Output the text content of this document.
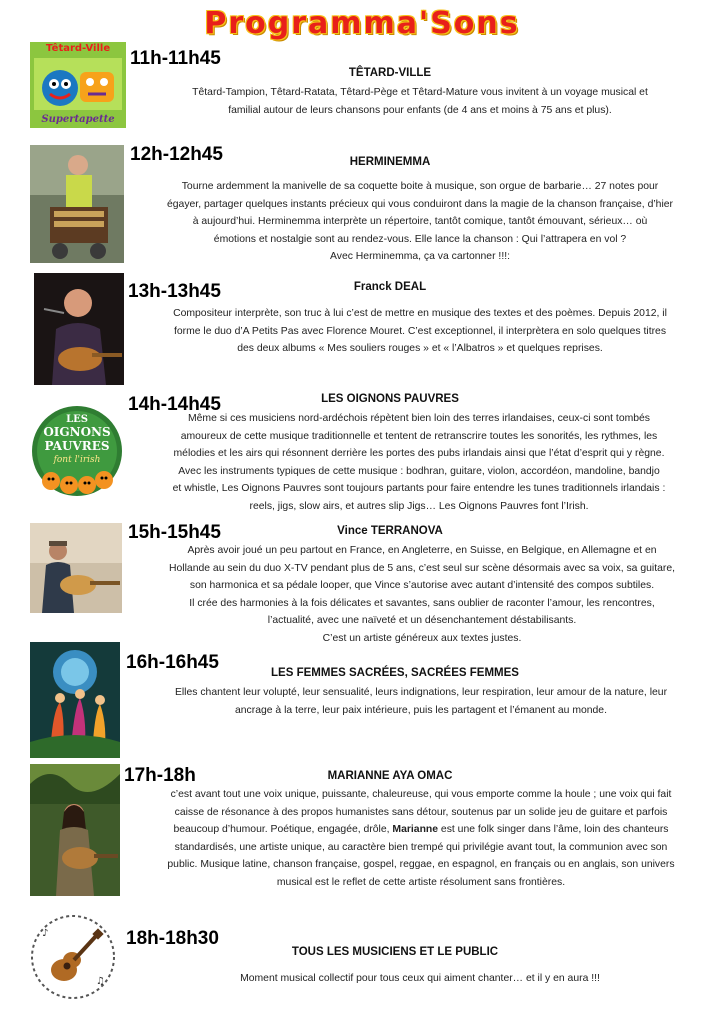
Programma'Sons
Têtard-Ville
Supertapette
11h-11h45
TÊTARD-VILLE
Têtard-Tampion, Têtard-Ratata, Têtard-Pège et Têtard-Mature vous invitent à un voyage musical et
familial autour de leurs chansons pour enfants (de 4 ans et moins à 75 ans et plus).
12h-12h45	HERMINEMMA
Tourne ardemment la manivelle de sa coquette boite à musique, son orgue de barbarie… 27 notes pour
égayer, partager quelques instants précieux qui vous conduiront dans la magie de la chanson française, d’hier
à aujourd’hui. Herminemma interprète un répertoire, tantôt comique, tantôt émouvant, sérieux… où
émotions et nostalgie sont au rendez-vous. Elle lance la chanson : Qui l’attrapera en vol ?
Avec Herminemma, ça va cartonner !!!:
13h-13h45	Franck DEAL
Compositeur interprète, son truc à lui c’est de mettre en musique des textes et des poèmes. Depuis 2012, il
forme le duo d’A Petits Pas avec Florence Mouret. C’est exceptionnel, il interprètera en solo quelques titres
des deux albums « Mes souliers rouges » et « l’Albatros » et quelques reprises.
LES
OIGNONS
PAUVRES
font l'irish
LES OIGNONS PAUVRES
14h-14h45
Même si ces musiciens nord-ardéchois répètent bien loin des terres irlandaises, ceux-ci sont tombés
amoureux de cette musique traditionnelle et tentent de retranscrire toutes les sonorités, les rythmes, les
mélodies et les airs qui résonnent derrière les portes des pubs irlandais ainsi que l’état d’esprit qui y règne.
Avec les instruments typiques de cette musique : bodhran, guitare, violon, accordéon, mandoline, bandjo
et whistle, Les Oignons Pauvres sont toujours partants pour faire entendre les tunes traditionnels irlandais :
reels, jigs, slow airs, et autres slip Jigs… Les Oignons Pauvres font l’Irish.
15h-15h45	Vince TERRANOVA
Après avoir joué un peu partout en France, en Angleterre, en Suisse, en Belgique, en Allemagne et en
Hollande au sein du duo X-TV pendant plus de 5 ans, c’est seul sur scène désormais avec sa voix, sa guitare,
son harmonica et sa pédale looper, que Vince s’autorise avec autant d’intensité des compos subtiles.
Il crée des harmonies à la fois délicates et savantes, sans oublier de raconter l’amour, les rencontres,
l’actualité, avec une naïveté et un désenchantement déstabilisants.
C’est un artiste généreux aux textes justes.
16h-16h45	LES FEMMES SACRÉES, SACRÉES FEMMES
Elles chantent leur volupté, leur sensualité, leurs indignations, leur respiration, leur amour de la nature, leur
ancrage à la terre, leur paix intérieure, puis les partagent et l’émanent au monde.
17h-18h	MARIANNE AYA OMAC
c’est avant tout une voix unique, puissante, chaleureuse, qui vous emporte comme la houle ; une voix qui fait
caisse de résonance à des propos humanistes sans détour, soutenus par un solide jeu de guitare et parfois
beaucoup d’humour. Poétique, engagée, drôle, Marianne est une folk singer dans l’âme, loin des chanteurs
standardisés, une artiste unique, au caractère bien trempé qui privilégie avant tout, la communion avec son
public. Musique latine, chanson française, gospel, reggae, en espagnol, en français ou en anglais, son univers
musical est le reflet de cette artiste résolument sans frontières.
♪
♫
18h-18h30
TOUS LES MUSICIENS ET LE PUBLIC
Moment musical collectif pour tous ceux qui aiment chanter… et il y en aura !!!
